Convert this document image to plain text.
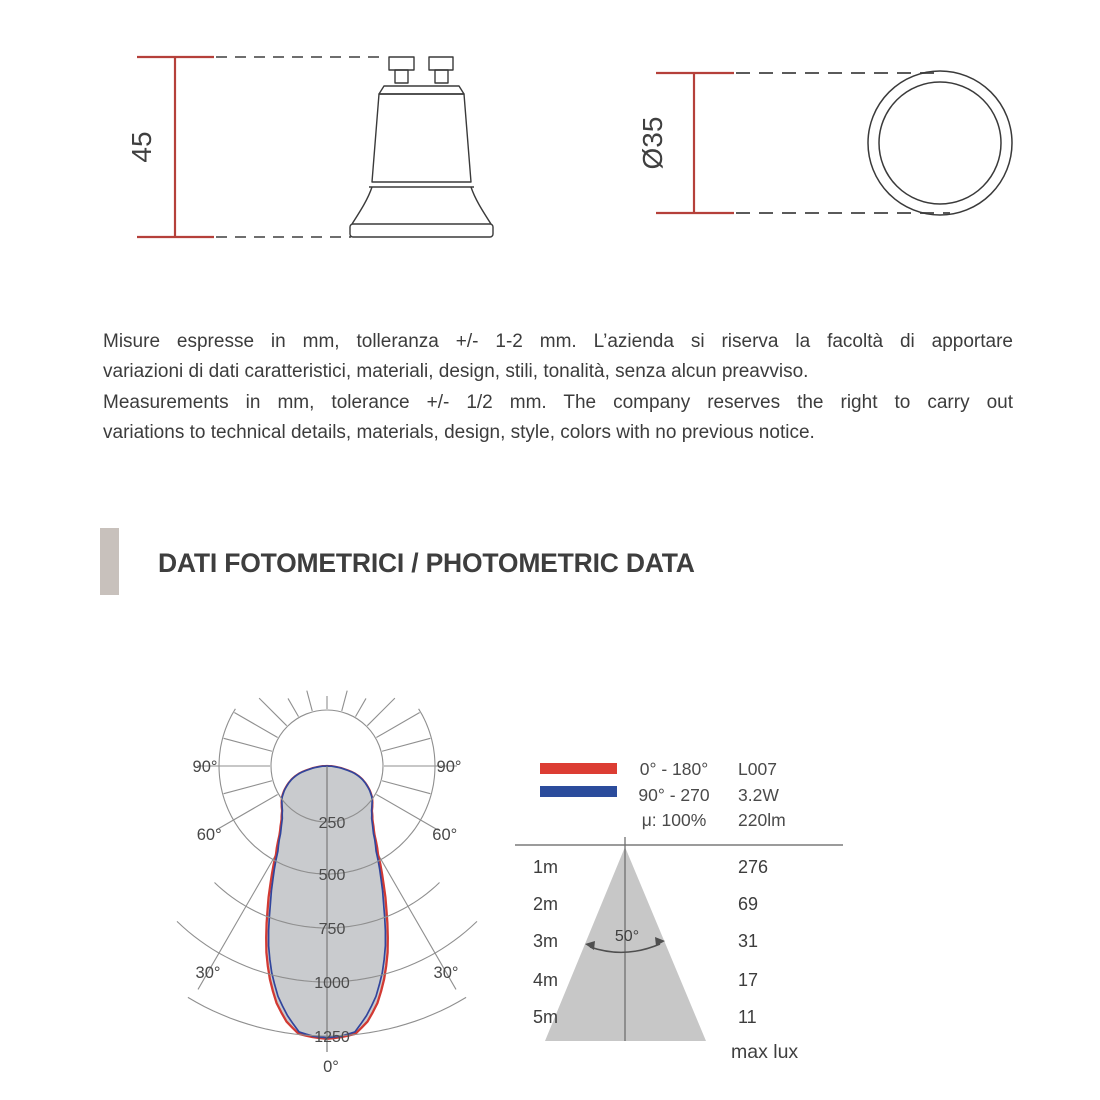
45	Ø35
Misure espresse in mm, tolleranza +/- 1-2 mm. L’azienda si riserva la facoltà di apportare
variazioni di dati caratteristici, materiali, design, stili, tonalità, senza alcun preavviso.
Measurements in mm, tolerance +/- 1/2 mm. The company reserves the right to carry out
variations to technical details, materials, design, style, colors with no previous notice.
DATI FOTOMETRICI / PHOTOMETRIC DATA
250
500
750
1000
1250
90°
90°
60°
60°
30°
30°
0°
0° - 180°	L007
90° - 270	3.2W
μ: 100%	220lm
50°
1m	276
2m	69
3m	31
4m	17
5m	11
max lux
